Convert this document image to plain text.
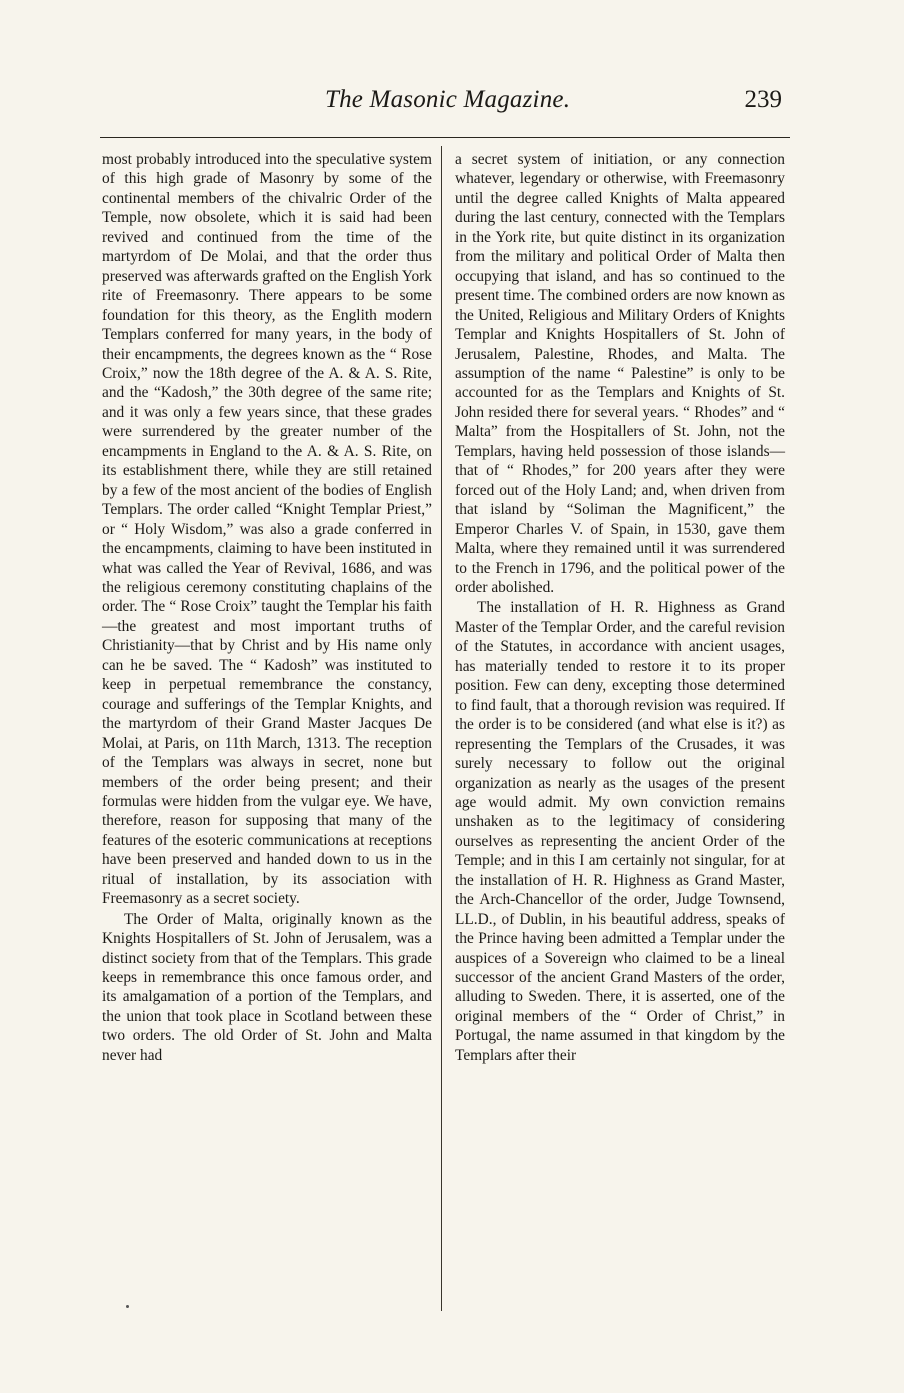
The Masonic Magazine.	239

most probably introduced into the speculative system of this high grade of Masonry by some of the continental members of the chivalric Order of the Temple, now obsolete, which it is said had been revived and continued from the time of the martyrdom of De Molai, and that the order thus preserved was afterwards grafted on the English York rite of Freemasonry. There appears to be some foundation for this theory, as the Englith modern Templars conferred for many years, in the body of their encampments, the degrees known as the “ Rose Croix,” now the 18th degree of the A. & A. S. Rite, and the “Kadosh,” the 30th degree of the same rite; and it was only a few years since, that these grades were surrendered by the greater number of the encampments in England to the A. & A. S. Rite, on its establishment there, while they are still retained by a few of the most ancient of the bodies of English Templars. The order called “Knight Templar Priest,” or “ Holy Wisdom,” was also a grade conferred in the encampments, claiming to have been instituted in what was called the Year of Revival, 1686, and was the religious ceremony constituting chaplains of the order. The “ Rose Croix” taught the Templar his faith—the greatest and most important truths of Christianity—that by Christ and by His name only can he be saved. The “ Kadosh” was instituted to keep in perpetual remembrance the constancy, courage and sufferings of the Templar Knights, and the martyrdom of their Grand Master Jacques De Molai, at Paris, on 11th March, 1313. The reception of the Templars was always in secret, none but members of the order being present; and their formulas were hidden from the vulgar eye. We have, therefore, reason for supposing that many of the features of the esoteric communications at receptions have been preserved and handed down to us in the ritual of installation, by its association with Freemasonry as a secret society.

The Order of Malta, originally known as the Knights Hospitallers of St. John of Jerusalem, was a distinct society from that of the Templars. This grade keeps in remembrance this once famous order, and its amalgamation of a portion of the Templars, and the union that took place in Scotland between these two orders. The old Order of St. John and Malta never had

a secret system of initiation, or any connection whatever, legendary or otherwise, with Freemasonry until the degree called Knights of Malta appeared during the last century, connected with the Templars in the York rite, but quite distinct in its organization from the military and political Order of Malta then occupying that island, and has so continued to the present time. The combined orders are now known as the United, Religious and Military Orders of Knights Templar and Knights Hospitallers of St. John of Jerusalem, Palestine, Rhodes, and Malta. The assumption of the name “ Palestine” is only to be accounted for as the Templars and Knights of St. John resided there for several years. “ Rhodes” and “ Malta” from the Hospitallers of St. John, not the Templars, having held possession of those islands—that of “ Rhodes,” for 200 years after they were forced out of the Holy Land; and, when driven from that island by “Soliman the Magnificent,” the Emperor Charles V. of Spain, in 1530, gave them Malta, where they remained until it was surrendered to the French in 1796, and the political power of the order abolished.

The installation of H. R. Highness as Grand Master of the Templar Order, and the careful revision of the Statutes, in accordance with ancient usages, has materially tended to restore it to its proper position. Few can deny, excepting those determined to find fault, that a thorough revision was required. If the order is to be considered (and what else is it?) as representing the Templars of the Crusades, it was surely necessary to follow out the original organization as nearly as the usages of the present age would admit. My own conviction remains unshaken as to the legitimacy of considering ourselves as representing the ancient Order of the Temple; and in this I am certainly not singular, for at the installation of H. R. Highness as Grand Master, the Arch-Chancellor of the order, Judge Townsend, LL.D., of Dublin, in his beautiful address, speaks of the Prince having been admitted a Templar under the auspices of a Sovereign who claimed to be a lineal successor of the ancient Grand Masters of the order, alluding to Sweden. There, it is asserted, one of the original members of the “ Order of Christ,” in Portugal, the name assumed in that kingdom by the Templars after their
